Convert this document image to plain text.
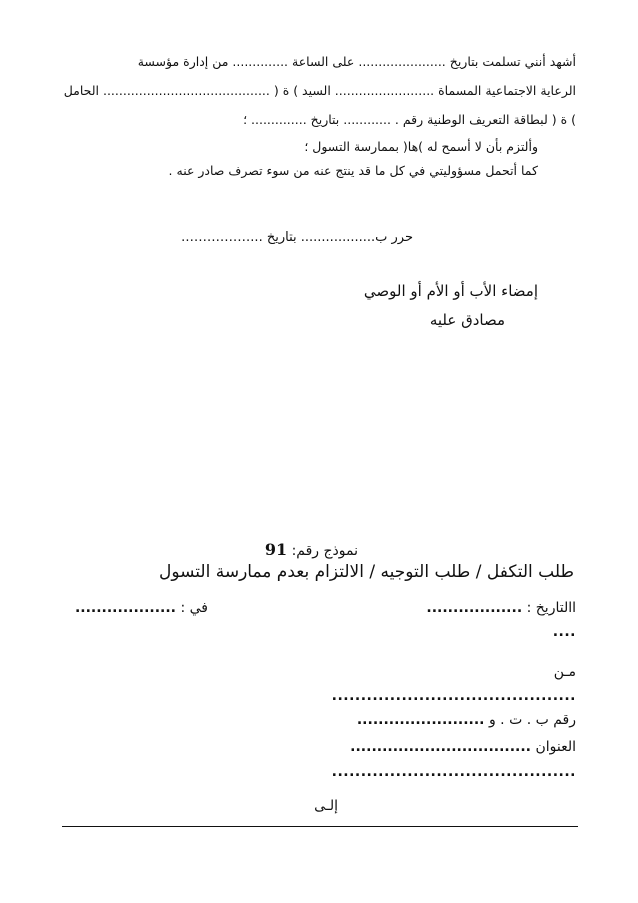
أشهد أنني تسلمت بتاريخ ...................... على الساعة .............. من إدارة مؤسسة
الرعاية الاجتماعية المسماة ......................... السيد ) ة ( .......................................... الحامل
) ة ( لبطاقة التعريف الوطنية رقم . ............ بتاريخ .............. ؛
وألتزم بأن لا أسمح له )ها( بممارسة التسول ؛
كما أتحمل مسؤوليتي في كل ما قد ينتج عنه من سوء تصرف صادر عنه .
حرر ب.................. بتاريخ ...…………….
إمضاء الأب أو الأم أو الوصي
مصادق عليه
نموذج رقم: 91
طلب التكفل / طلب التوجيه / الالتزام بعدم ممارسة التسول
االتاريخ : ..................
في : ...................
....
مـن
..........................................
رقم ب . ت . و ........................
العنوان ..................................
..........................................
إلـى
